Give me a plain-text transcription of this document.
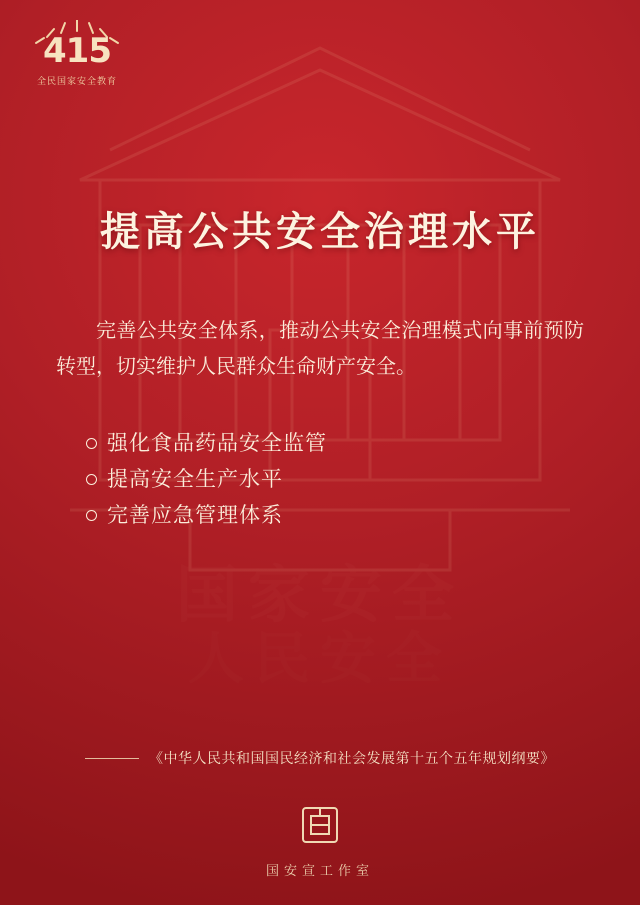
415
全民国家安全教育
提高公共安全治理水平
完善公共安全体系，推动公共安全治理模式向事前预防转型，切实维护人民群众生命财产安全。
强化食品药品安全监管
提高安全生产水平
完善应急管理体系
《中华人民共和国国民经济和社会发展第十五个五年规划纲要》
国安宣工作室
